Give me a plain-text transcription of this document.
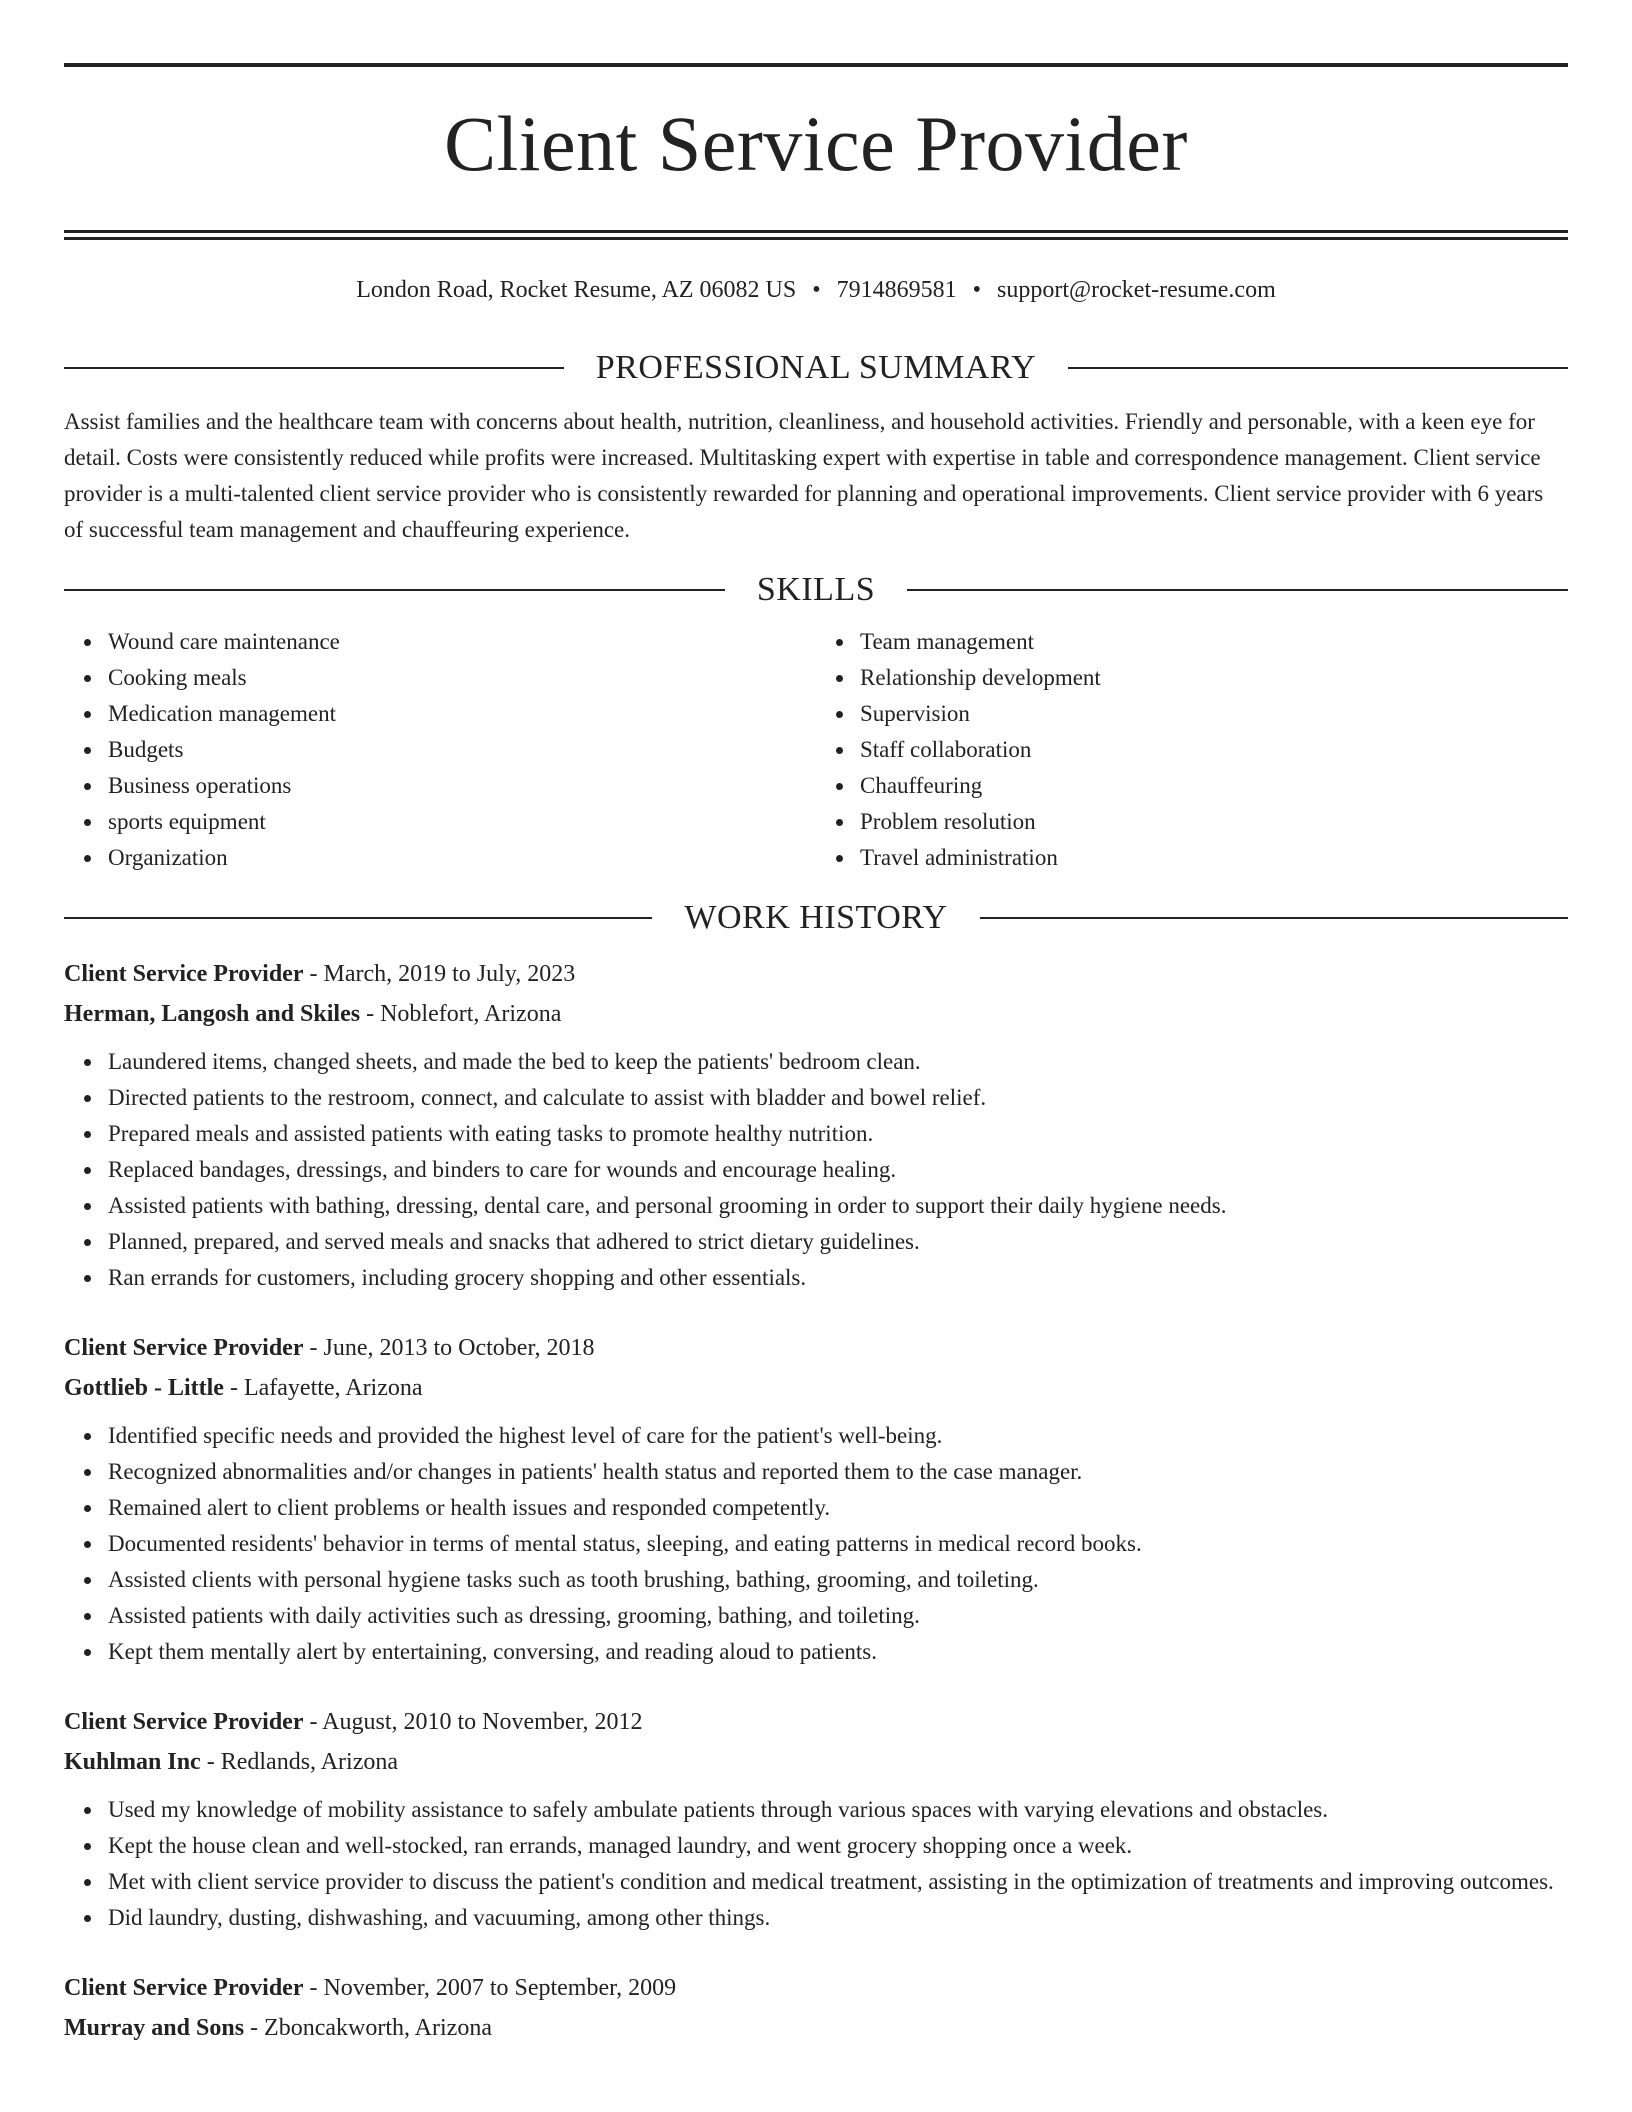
Client Service Provider
London Road, Rocket Resume, AZ 06082 US • 7914869581 • support@rocket-resume.com
PROFESSIONAL SUMMARY
Assist families and the healthcare team with concerns about health, nutrition, cleanliness, and household activities. Friendly and personable, with a keen eye for detail. Costs were consistently reduced while profits were increased. Multitasking expert with expertise in table and correspondence management. Client service provider is a multi-talented client service provider who is consistently rewarded for planning and operational improvements. Client service provider with 6 years of successful team management and chauffeuring experience.
SKILLS
Wound care maintenance
Cooking meals
Medication management
Budgets
Business operations
sports equipment
Organization
Team management
Relationship development
Supervision
Staff collaboration
Chauffeuring
Problem resolution
Travel administration
WORK HISTORY
Client Service Provider - March, 2019 to July, 2023
Herman, Langosh and Skiles - Noblefort, Arizona
Laundered items, changed sheets, and made the bed to keep the patients' bedroom clean.
Directed patients to the restroom, connect, and calculate to assist with bladder and bowel relief.
Prepared meals and assisted patients with eating tasks to promote healthy nutrition.
Replaced bandages, dressings, and binders to care for wounds and encourage healing.
Assisted patients with bathing, dressing, dental care, and personal grooming in order to support their daily hygiene needs.
Planned, prepared, and served meals and snacks that adhered to strict dietary guidelines.
Ran errands for customers, including grocery shopping and other essentials.
Client Service Provider - June, 2013 to October, 2018
Gottlieb - Little - Lafayette, Arizona
Identified specific needs and provided the highest level of care for the patient's well-being.
Recognized abnormalities and/or changes in patients' health status and reported them to the case manager.
Remained alert to client problems or health issues and responded competently.
Documented residents' behavior in terms of mental status, sleeping, and eating patterns in medical record books.
Assisted clients with personal hygiene tasks such as tooth brushing, bathing, grooming, and toileting.
Assisted patients with daily activities such as dressing, grooming, bathing, and toileting.
Kept them mentally alert by entertaining, conversing, and reading aloud to patients.
Client Service Provider - August, 2010 to November, 2012
Kuhlman Inc - Redlands, Arizona
Used my knowledge of mobility assistance to safely ambulate patients through various spaces with varying elevations and obstacles.
Kept the house clean and well-stocked, ran errands, managed laundry, and went grocery shopping once a week.
Met with client service provider to discuss the patient's condition and medical treatment, assisting in the optimization of treatments and improving outcomes.
Did laundry, dusting, dishwashing, and vacuuming, among other things.
Client Service Provider - November, 2007 to September, 2009
Murray and Sons - Zboncakworth, Arizona
